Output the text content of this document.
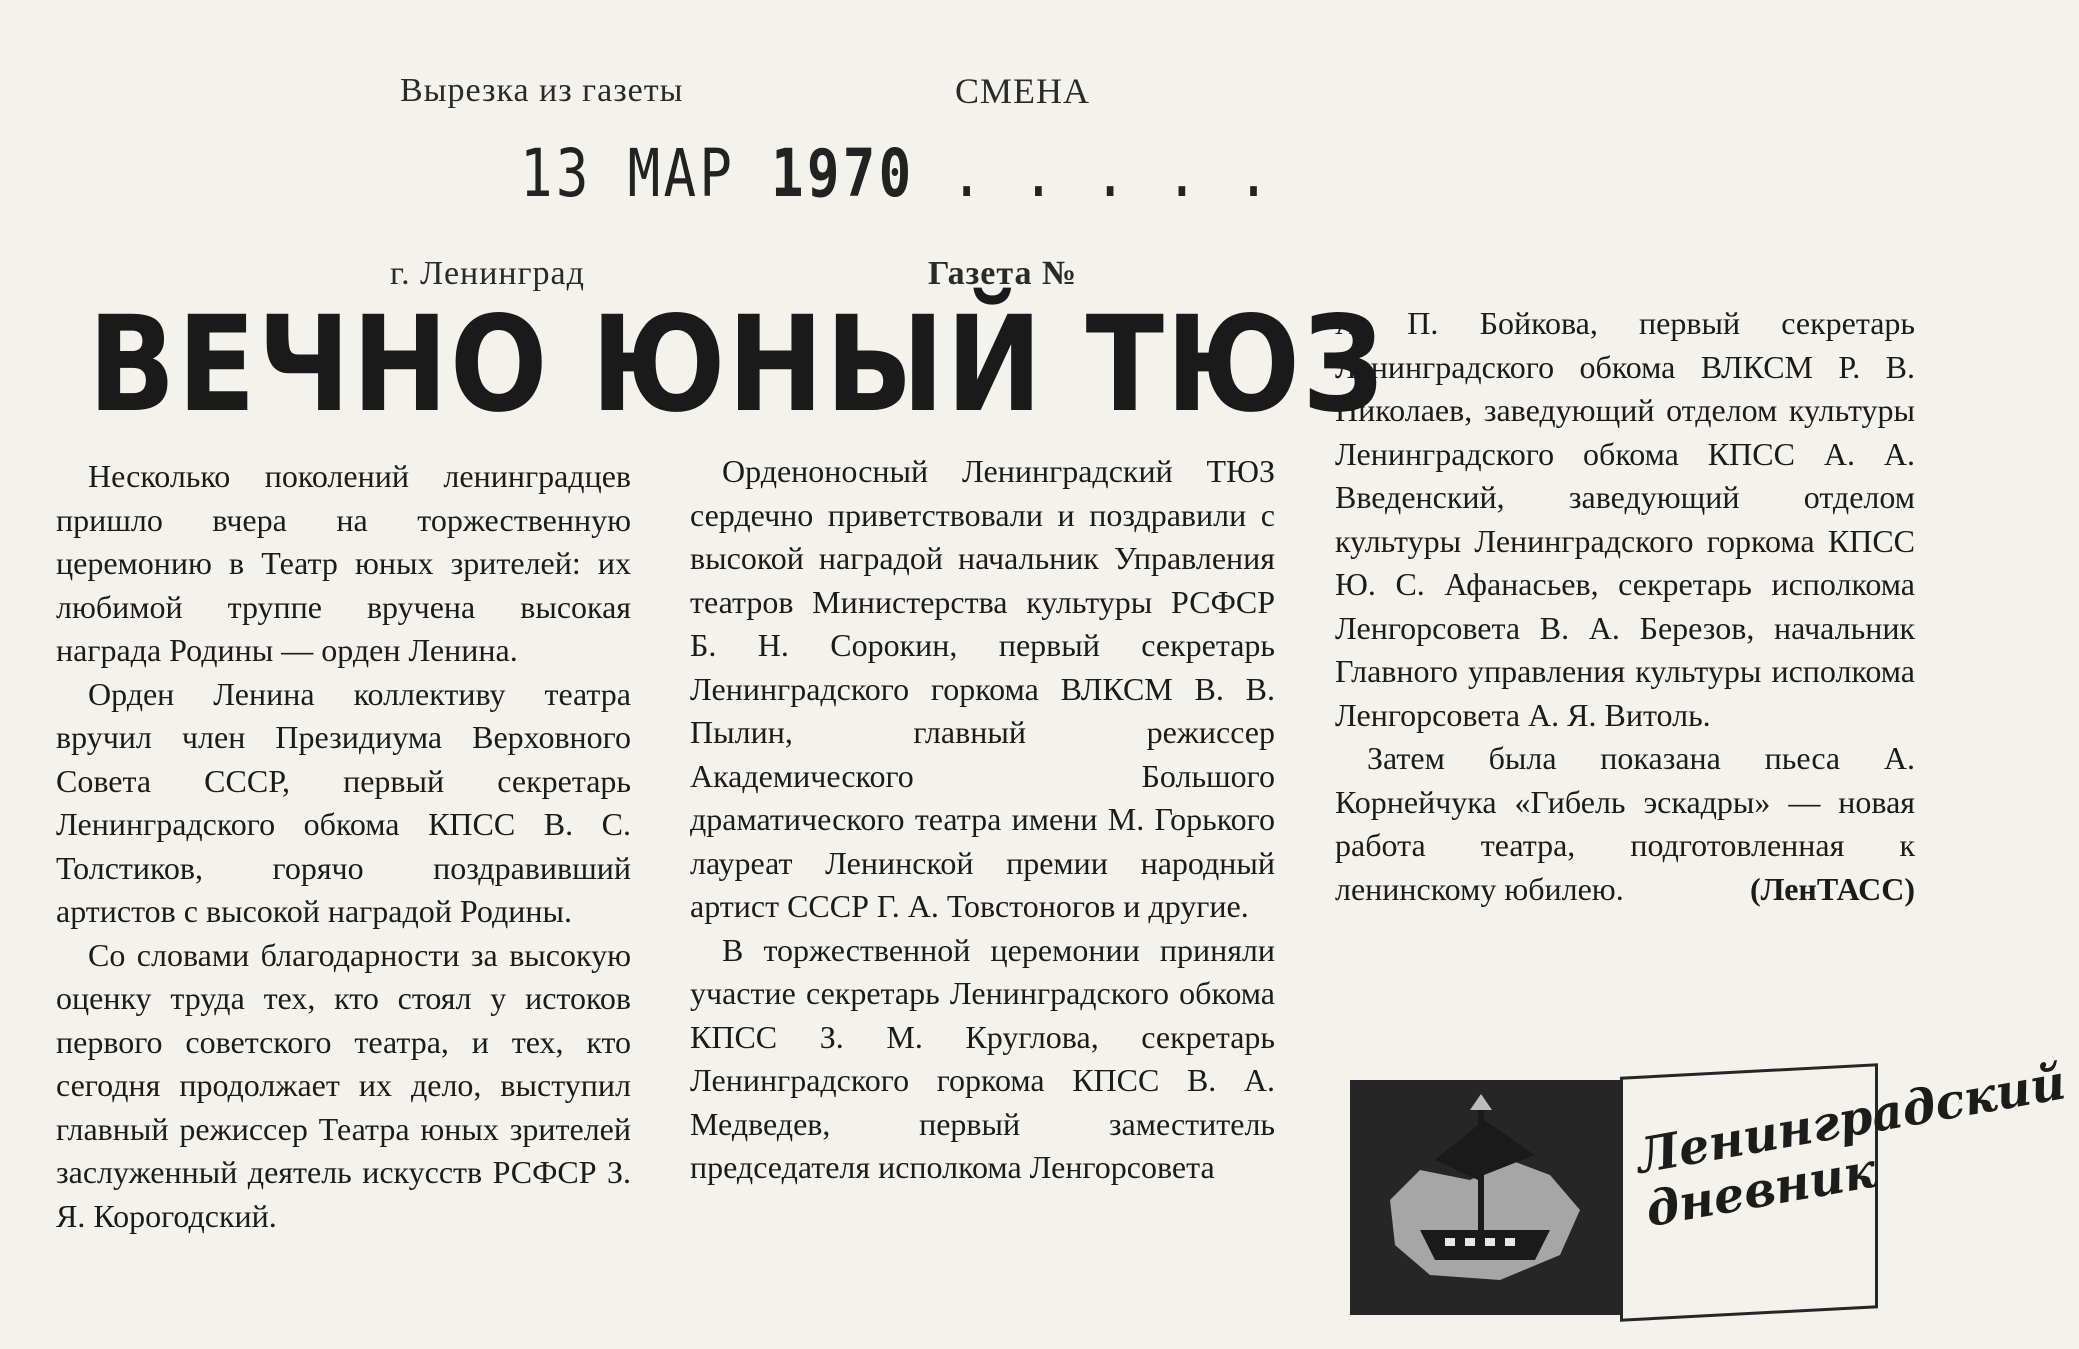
Вырезка из газеты	СМЕНА
13 МАР 1970 . . . . .
г. Ленинград	Газета №
ВЕЧНО ЮНЫЙ ТЮЗ

Несколько поколений ленинградцев пришло вчера на торжественную церемонию в Театр юных зрителей: их любимой труппе вручена высокая награда Родины — орден Ленина.

Орден Ленина коллективу театра вручил член Президиума Верховного Совета СССР, первый секретарь Ленинградского обкома КПСС В. С. Толстиков, горячо поздравивший артистов с высокой наградой Родины.

Со словами благодарности за высокую оценку труда тех, кто стоял у истоков первого советского театра, и тех, кто сегодня продолжает их дело, выступил главный режиссер Театра юных зрителей заслуженный деятель искусств РСФСР З. Я. Корогодский.

Орденоносный Ленинградский ТЮЗ сердечно приветствовали и поздравили с высокой наградой начальник Управления театров Министерства культуры РСФСР Б. Н. Сорокин, первый секретарь Ленинградского горкома ВЛКСМ В. В. Пылин, главный режиссер Академического Большого драматического театра имени М. Горького лауреат Ленинской премии народный артист СССР Г. А. Товстоногов и другие.

В торжественной церемонии приняли участие секретарь Ленинградского обкома КПСС З. М. Круглова, секретарь Ленинградского горкома КПСС В. А. Медведев, первый заместитель председателя исполкома Ленгорсовета

А. П. Бойкова, первый секретарь Ленинградского обкома ВЛКСМ Р. В. Николаев, заведующий отделом культуры Ленинградского обкома КПСС А. А. Введенский, заведующий отделом культуры Ленинградского горкома КПСС Ю. С. Афанасьев, секретарь исполкома Ленгорсовета В. А. Березов, начальник Главного управления культуры исполкома Ленгорсовета А. Я. Витоль.

Затем была показана пьеса А. Корнейчука «Гибель эскадры» — новая работа театра, подготовленная к ленинскому юбилею.	(ЛенТАСС)

Ленинградский дневник
